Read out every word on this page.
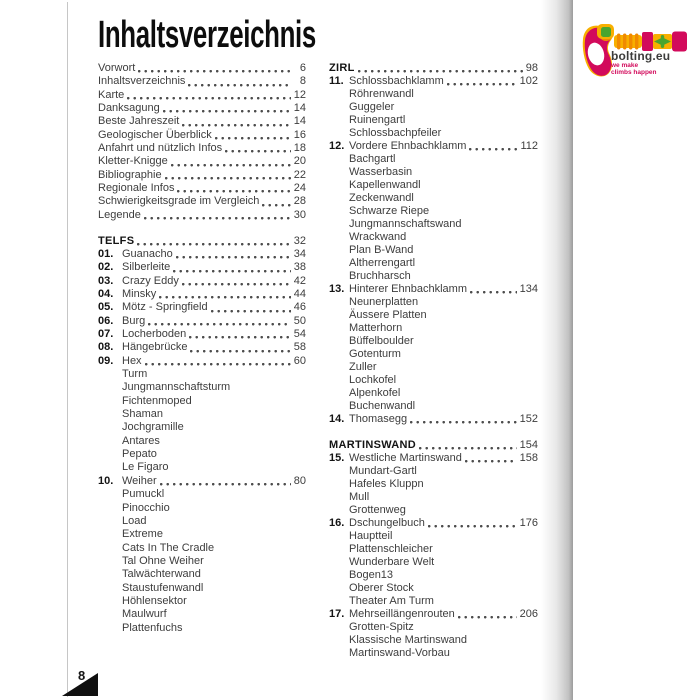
Inhaltsverzeichnis
Vorwort	6
Inhaltsverzeichnis	8
Karte	12
Danksagung	14
Beste Jahreszeit	14
Geologischer Überblick	16
Anfahrt und nützlich Infos	18
Kletter-Knigge	20
Bibliographie	22
Regionale Infos	24
Schwierigkeitsgrade im Vergleich	28
Legende	30
TELFS	32
01. Guanacho	34
02. Silberleite	38
03. Crazy Eddy	42
04. Minsky	44
05. Mötz - Springfield	46
06. Burg	50
07. Locherboden	54
08. Hängebrücke	58
09. Hex	60
Turm
Jungmannschaftsturm
Fichtenmoped
Shaman
Jochgramille
Antares
Pepato
Le Figaro
10. Weiher	80
Pumuckl
Pinocchio
Load
Extreme
Cats In The Cradle
Tal Ohne Weiher
Talwächterwand
Staustufenwandl
Höhlensektor
Maulwurf
Plattenfuchs
ZIRL	98
11. Schlossbachklamm	102
Röhrenwandl
Guggeler
Ruinengartl
Schlossbachpfeiler
12. Vordere Ehnbachklamm	112
Bachgartl
Wasserbasin
Kapellenwandl
Zeckenwandl
Schwarze Riepe
Jungmannschaftswand
Wrackwand
Plan B-Wand
Altherrengartl
Bruchharsch
13. Hinterer Ehnbachklamm	134
Neunerplatten
Äussere Platten
Matterhorn
Büffelboulder
Gotenturm
Zuller
Lochkofel
Alpenkofel
Buchenwandl
14. Thomasegg	152
MARTINSWAND	154
15. Westliche Martinswand	158
Mundart-Gartl
Hafeles Kluppn
Mull
Grottenweg
16. Dschungelbuch	176
Hauptteil
Plattenschleicher
Wunderbare Welt
Bogen13
Oberer Stock
Theater Am Turm
17. Mehrseillängenrouten	206
Grotten-Spitz
Klassische Martinswand
Martinswand-Vorbau
bolting.eu
we make
climbs happen
8
